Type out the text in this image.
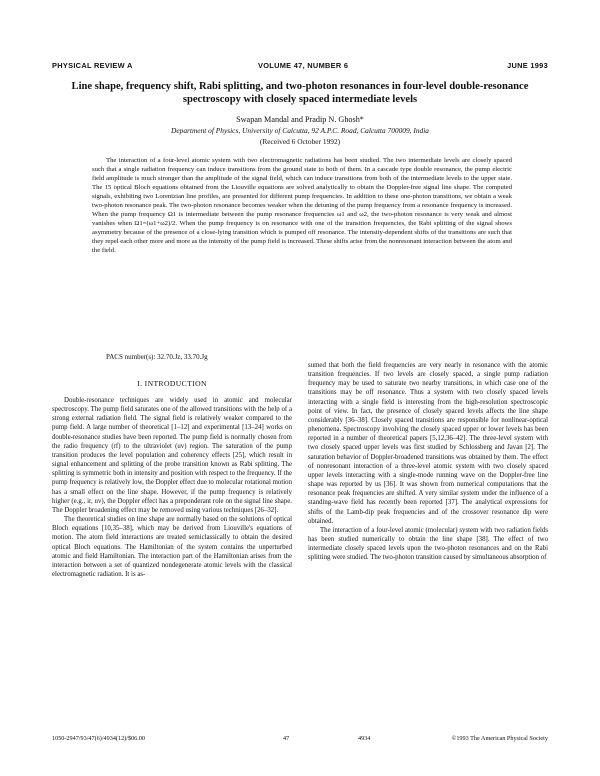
PHYSICAL REVIEW A	VOLUME 47, NUMBER 6	JUNE 1993
Line shape, frequency shift, Rabi splitting, and two-photon resonances in four-level double-resonance spectroscopy with closely spaced intermediate levels
Swapan Mandal and Pradip N. Ghosh*
Department of Physics, University of Calcutta, 92 A.P.C. Road, Calcutta 700009, India
(Received 6 October 1992)
The interaction of a four-level atomic system with two electromagnetic radiations has been studied. The two intermediate levels are closely spaced such that a single radiation frequency can induce transitions from the ground state to both of them. In a cascade type double resonance, the pump electric field amplitude is much stronger than the amplitude of the signal field, which can induce transitions from both of the intermediate levels to the upper state. The 15 optical Bloch equations obtained from the Liouville equations are solved analytically to obtain the Doppler-free signal line shape. The computed signals, exhibiting two Lorentzian line profiles, are presented for different pump frequencies. In addition to these one-photon transitions, we obtain a weak two-photon resonance peak. The two-photon resonance becomes weaker when the detuning of the pump frequency from a resonance frequency is increased. When the pump frequency Ω1 is intermediate between the pump resonance frequencies ω1 and ω2, the two-photon resonance is very weak and almost vanishes when Ω1=(ω1+ω2)/2. When the pump frequency is on resonance with one of the transition frequencies, the Rabi splitting of the signal shows asymmetry because of the presence of a close-lying transition which is pumped off resonance. The intensity-dependent shifts of the transitions are such that they repel each other more and more as the intensity of the pump field is increased. These shifts arise from the nonresonant interaction between the atom and the field.
PACS number(s): 32.70.Jz, 33.70.Jg
I. INTRODUCTION

Double-resonance techniques are widely used in atomic and molecular spectroscopy. The pump field saturates one of the allowed transitions with the help of a strong external radiation field. The signal field is relatively weaker compared to the pump field. A large number of theoretical [1–12] and experimental [13–24] works on double-resonance studies have been reported. The pump field is normally chosen from the radio frequency (rf) to the ultraviolet (uv) region. The saturation of the pump transition produces the level population and coherency effects [25], which result in signal enhancement and splitting of the probe transition known as Rabi splitting. The splitting is symmetric both in intensity and position with respect to the frequency. If the pump frequency is relatively low, the Doppler effect due to molecular rotational motion has a small effect on the line shape. However, if the pump frequency is relatively higher (e.g., ir, uv), the Doppler effect has a preponderant role on the signal line shape. The Doppler broadening effect may be removed using various techniques [26–32].

The theoretical studies on line shape are normally based on the solutions of optical Bloch equations [10,35–38], which may be derived from Liouville's equations of motion. The atom field interactions are treated semiclassically to obtain the desired optical Bloch equations. The Hamiltonian of the system contains the unperturbed atomic and field Hamiltonian. The interaction part of the Hamiltonian arises from the interaction between a set of quantized nondegenerate atomic levels with the classical electromagnetic radiation. It is as-

sumed that both the field frequencies are very nearly in resonance with the atomic transition frequencies. If two levels are closely spaced, a single pump radiation frequency may be used to saturate two nearby transitions, in which case one of the transitions may be off resonance. Thus a system with two closely spaced levels interacting with a single field is interesting from the high-resolution spectroscopic point of view. In fact, the presence of closely spaced levels affects the line shape considerably [36–38]. Closely spaced transitions are responsible for nonlinear-optical phenomena. Spectroscopy involving the closely spaced upper or lower levels has been reported in a number of theoretical papers [5,12,36–42]. The three-level system with two closely spaced upper levels was first studied by Schlossberg and Javan [2]. The saturation behavior of Doppler-broadened transitions was obtained by them. The effect of nonresonant interaction of a three-level atomic system with two closely spaced upper levels interacting with a single-mode running wave on the Doppler-free line shape was reported by us [36]. It was shown from numerical computations that the resonance peak frequencies are shifted. A very similar system under the influence of a standing-wave field has recently been reported [37]. The analytical expressions for shifts of the Lamb-dip peak frequencies and of the crossover resonance dip were obtained.

The interaction of a four-level atomic (molecular) system with two radiation fields has been studied numerically to obtain the line shape [38]. The effect of two intermediate closely spaced levels upon the two-photon resonances and on the Rabi splitting were studied. The two-photon transition caused by simultaneous absorption of

1050-2947/93/47(6)/4934(12)/$06.00	47	4934	©1993 The American Physical Society
